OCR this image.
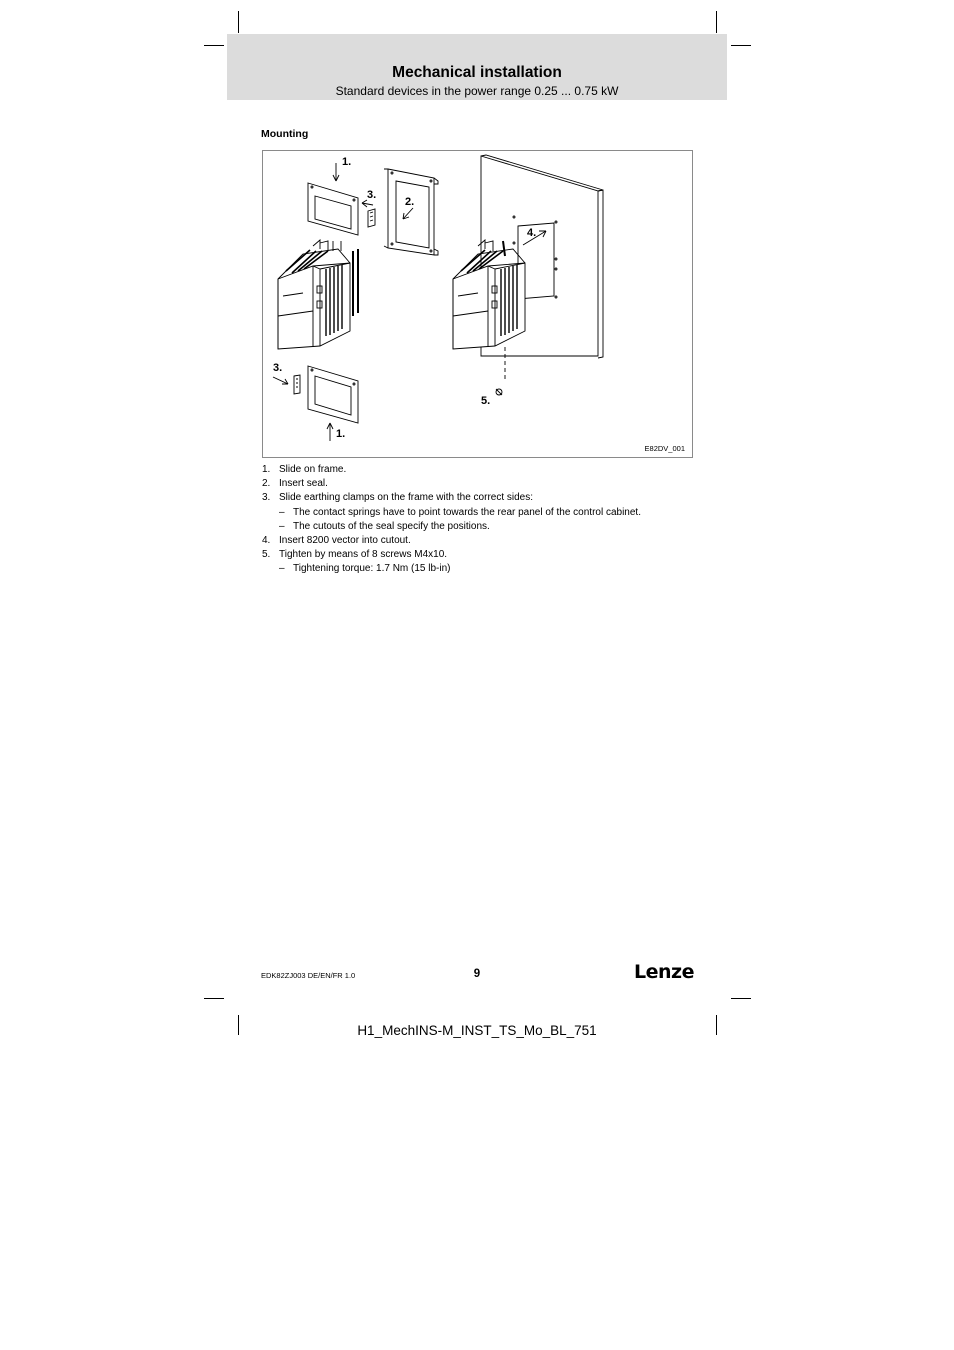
Mechanical installation
Standard devices in the power range 0.25 ... 0.75 kW
Mounting
1.
3.
2.
4.
3.
5.
1.
E82DV_001
1. Slide on frame.
2. Insert seal.
3. Slide earthing clamps on the frame with the correct sides:
– The contact springs have to point towards the rear panel of the control cabinet.
– The cutouts of the seal specify the positions.
4. Insert 8200 vector into cutout.
5. Tighten by means of 8 screws M4x10.
– Tightening torque: 1.7 Nm (15 lb-in)
EDK82ZJ003 DE/EN/FR 1.0	9	Lenze
H1_MechINS-M_INST_TS_Mo_BL_751
